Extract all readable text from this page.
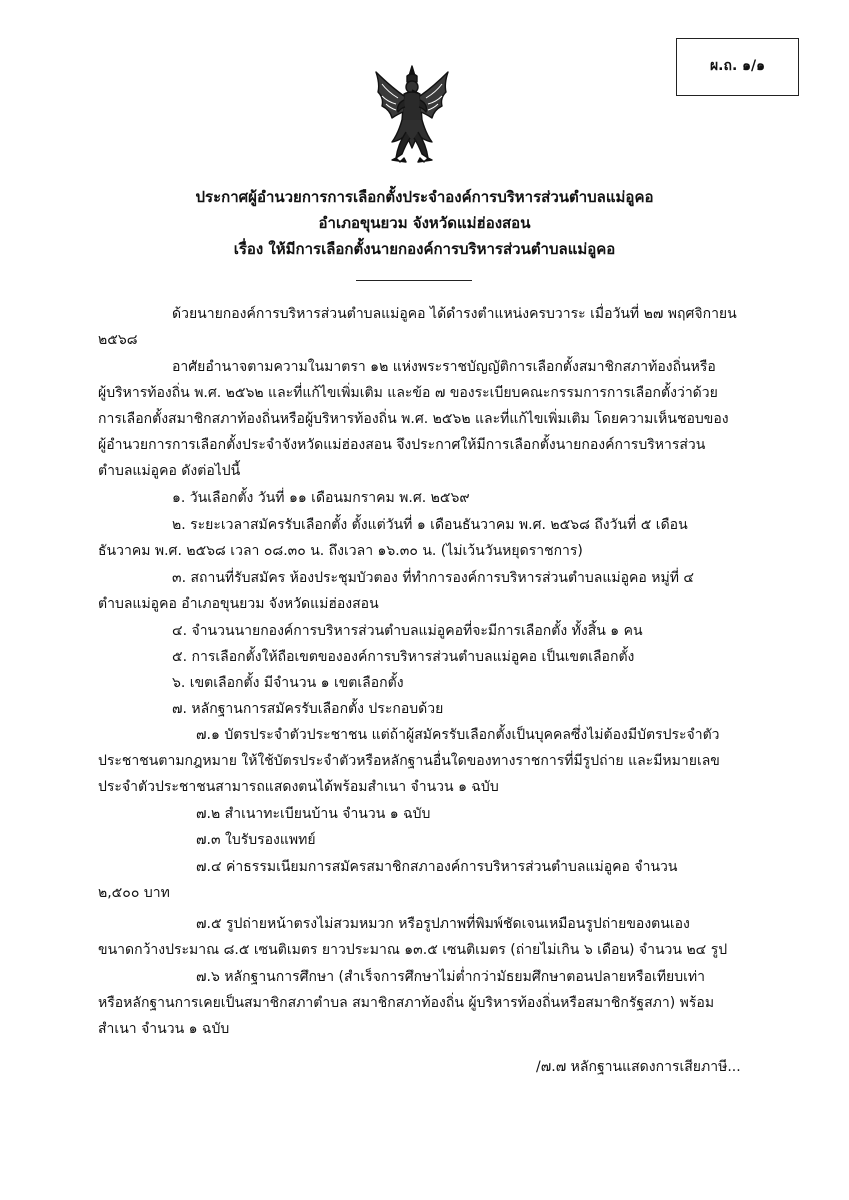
ผ.ถ. ๑/๑
ประกาศผู้อำนวยการการเลือกตั้งประจำองค์การบริหารส่วนตำบลแม่อูคอ
อำเภอขุนยวม จังหวัดแม่ฮ่องสอน
เรื่อง ให้มีการเลือกตั้งนายกองค์การบริหารส่วนตำบลแม่อูคอ
ด้วยนายกองค์การบริหารส่วนตำบลแม่อูคอ ได้ดำรงตำแหน่งครบวาระ เมื่อวันที่ ๒๗ พฤศจิกายน
๒๕๖๘
อาศัยอำนาจตามความในมาตรา ๑๒ แห่งพระราชบัญญัติการเลือกตั้งสมาชิกสภาท้องถิ่นหรือ
ผู้บริหารท้องถิ่น พ.ศ. ๒๕๖๒ และที่แก้ไขเพิ่มเติม และข้อ ๗ ของระเบียบคณะกรรมการการเลือกตั้งว่าด้วย
การเลือกตั้งสมาชิกสภาท้องถิ่นหรือผู้บริหารท้องถิ่น พ.ศ. ๒๕๖๒ และที่แก้ไขเพิ่มเติม โดยความเห็นชอบของ
ผู้อำนวยการการเลือกตั้งประจำจังหวัดแม่ฮ่องสอน จึงประกาศให้มีการเลือกตั้งนายกองค์การบริหารส่วน
ตำบลแม่อูคอ ดังต่อไปนี้
๑. วันเลือกตั้ง วันที่ ๑๑ เดือนมกราคม พ.ศ. ๒๕๖๙
๒. ระยะเวลาสมัครรับเลือกตั้ง ตั้งแต่วันที่ ๑ เดือนธันวาคม พ.ศ. ๒๕๖๘ ถึงวันที่ ๕ เดือน
ธันวาคม พ.ศ. ๒๕๖๘ เวลา ๐๘.๓๐ น. ถึงเวลา ๑๖.๓๐ น. (ไม่เว้นวันหยุดราชการ)
๓. สถานที่รับสมัคร ห้องประชุมบัวตอง ที่ทำการองค์การบริหารส่วนตำบลแม่อูคอ หมู่ที่ ๔
ตำบลแม่อูคอ อำเภอขุนยวม จังหวัดแม่ฮ่องสอน
๔. จำนวนนายกองค์การบริหารส่วนตำบลแม่อูคอที่จะมีการเลือกตั้ง ทั้งสิ้น ๑ คน
๕. การเลือกตั้งให้ถือเขตขององค์การบริหารส่วนตำบลแม่อูคอ เป็นเขตเลือกตั้ง
๖. เขตเลือกตั้ง มีจำนวน ๑ เขตเลือกตั้ง
๗. หลักฐานการสมัครรับเลือกตั้ง ประกอบด้วย
๗.๑ บัตรประจำตัวประชาชน แต่ถ้าผู้สมัครรับเลือกตั้งเป็นบุคคลซึ่งไม่ต้องมีบัตรประจำตัว
ประชาชนตามกฎหมาย ให้ใช้บัตรประจำตัวหรือหลักฐานอื่นใดของทางราชการที่มีรูปถ่าย และมีหมายเลข
ประจำตัวประชาชนสามารถแสดงตนได้พร้อมสำเนา จำนวน ๑ ฉบับ
๗.๒ สำเนาทะเบียนบ้าน จำนวน ๑ ฉบับ
๗.๓ ใบรับรองแพทย์
๗.๔ ค่าธรรมเนียมการสมัครสมาชิกสภาองค์การบริหารส่วนตำบลแม่อูคอ จำนวน
๒,๕๐๐ บาท
๗.๕ รูปถ่ายหน้าตรงไม่สวมหมวก หรือรูปภาพที่พิมพ์ชัดเจนเหมือนรูปถ่ายของตนเอง
ขนาดกว้างประมาณ ๘.๕ เซนติเมตร ยาวประมาณ ๑๓.๕ เซนติเมตร (ถ่ายไม่เกิน ๖ เดือน) จำนวน ๒๔ รูป
๗.๖ หลักฐานการศึกษา (สำเร็จการศึกษาไม่ต่ำกว่ามัธยมศึกษาตอนปลายหรือเทียบเท่า
หรือหลักฐานการเคยเป็นสมาชิกสภาตำบล สมาชิกสภาท้องถิ่น ผู้บริหารท้องถิ่นหรือสมาชิกรัฐสภา) พร้อม
สำเนา จำนวน ๑ ฉบับ
/๗.๗ หลักฐานแสดงการเสียภาษี...
